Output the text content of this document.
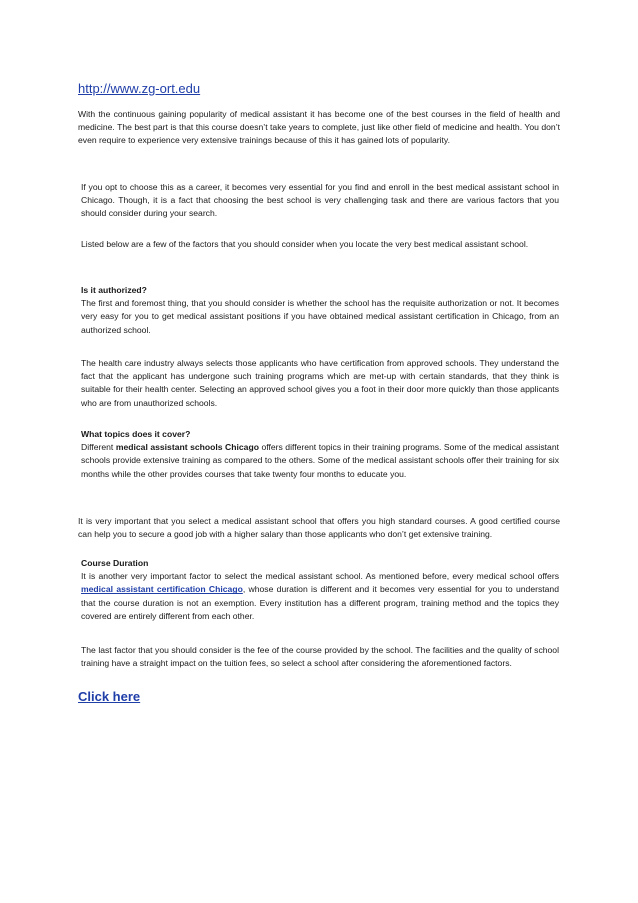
http://www.zg-ort.edu

With the continuous gaining popularity of medical assistant it has become one of the best courses in the field of health and medicine. The best part is that this course doesn’t take years to complete, just like other field of medicine and health. You don’t even require to experience very extensive trainings because of this it has gained lots of popularity.

If you opt to choose this as a career, it becomes very essential for you find and enroll in the best medical assistant school in Chicago. Though, it is a fact that choosing the best school is very challenging task and there are various factors that you should consider during your search.

Listed below are a few of the factors that you should consider when you locate the very best medical assistant school.

Is it authorized?
The first and foremost thing, that you should consider is whether the school has the requisite authorization or not. It becomes very easy for you to get medical assistant positions if you have obtained medical assistant certification in Chicago, from an authorized school.

The health care industry always selects those applicants who have certification from approved schools. They understand the fact that the applicant has undergone such training programs which are met-up with certain standards, that they think is suitable for their health center. Selecting an approved school gives you a foot in their door more quickly than those applicants who are from unauthorized schools.

What topics does it cover?
Different medical assistant schools Chicago offers different topics in their training programs. Some of the medical assistant schools provide extensive training as compared to the others. Some of the medical assistant schools offer their training for six months while the other provides courses that take twenty four months to educate you.

It is very important that you select a medical assistant school that offers you high standard courses. A good certified course can help you to secure a good job with a higher salary than those applicants who don’t get extensive training.

Course Duration
It is another very important factor to select the medical assistant school. As mentioned before, every medical school offers medical assistant certification Chicago, whose duration is different and it becomes very essential for you to understand that the course duration is not an exemption. Every institution has a different program, training method and the topics they covered are entirely different from each other.

The last factor that you should consider is the fee of the course provided by the school. The facilities and the quality of school training have a straight impact on the tuition fees, so select a school after considering the aforementioned factors.

Click here
